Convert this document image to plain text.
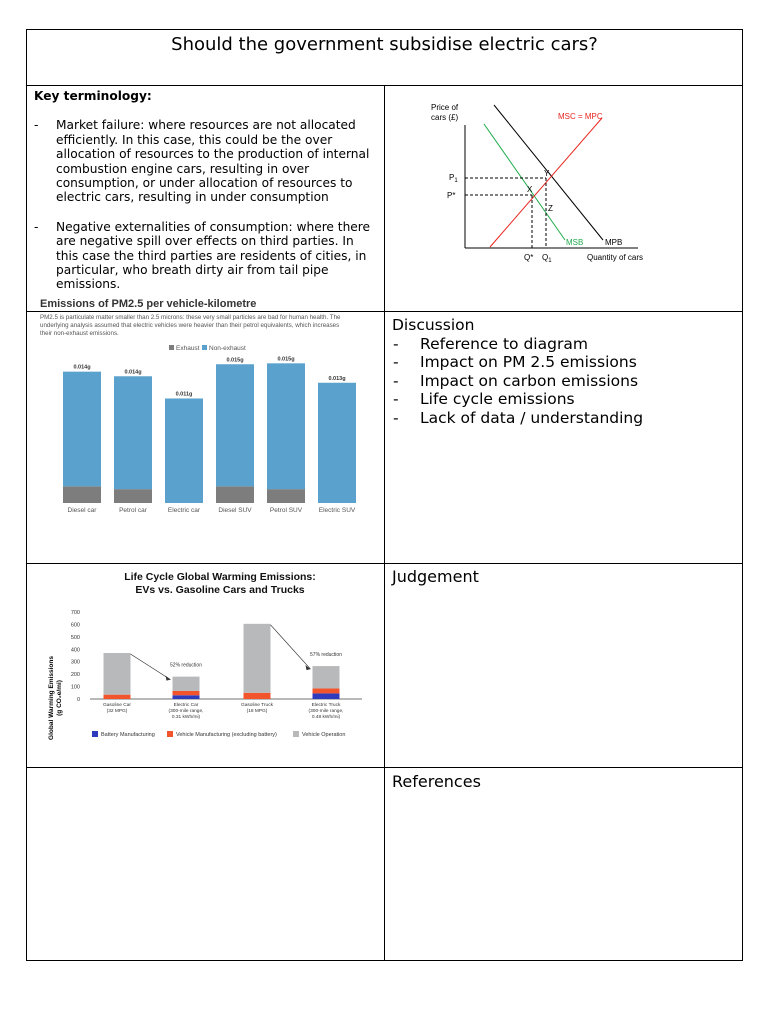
Should the government subsidise electric cars?
Key terminology:
- Market failure: where resources are not allocated
efficiently. In this case, this could be the over
allocation of resources to the production of internal
combustion engine cars, resulting in over
consumption, or under allocation of resources to
electric cars, resulting in under consumption
- Negative externalities of consumption: where there
are negative spill over effects on third parties. In
this case the third parties are residents of cities, in
particular, who breath dirty air from tail pipe
emissions.
Price of
cars (£)	MSC = MPC
MSB	MPB
$P_1$
P*
Q* $Q_1$	Quantity of cars
X
Y
Z
Emissions of PM2.5 per vehicle-kilometre
PM2.5 is particulate matter smaller than 2.5 microns: these very small particles are bad for human health. The
underlying analysis assumed that electric vehicles were heavier than their petrol equivalents, which increases
their non-exhaust emissions.
Exhaust Non-exhaust
0.014g
Diesel car
0.014g
Petrol car
0.011g
Electric car
0.015g
Diesel SUV
0.015g
Petrol SUV
0.013g
Electric SUV
Discussion
- Reference to diagram
- Impact on PM 2.5 emissions
- Impact on carbon emissions
- Life cycle emissions
- Lack of data / understanding
Life Cycle Global Warming Emissions:
EVs vs. Gasoline Cars and Trucks
Global Warming Emissions (g CO₂e/mi)	0
100
200
300
400
500
600
700
Gasoline Car
(32 MPG)
Electric Car
(300-mile range,
0.31 kWh/mi)
Gasoline Truck
(18 MPG)
Electric Truck
(300-mile range,
0.48 kWh/mi)
52% reduction
57% reduction
Battery Manufacturing	Vehicle Manufacturing (excluding battery)	Vehicle Operation
Judgement
References
